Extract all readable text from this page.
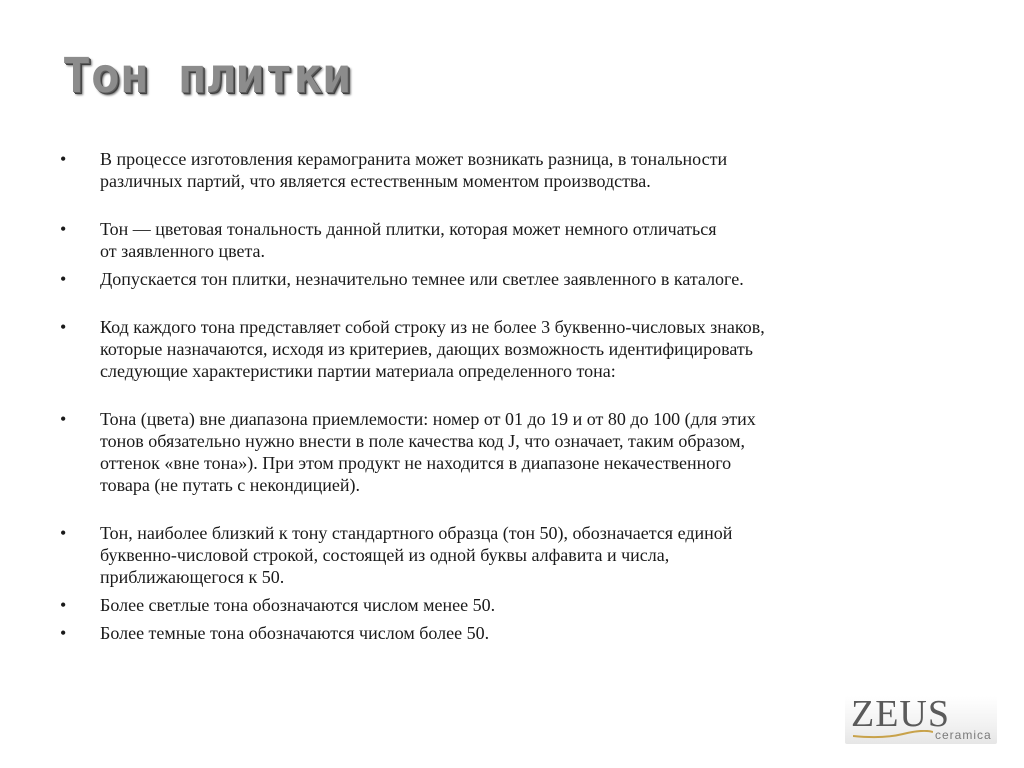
Тон плитки
• В процессе изготовления керамогранита может возникать разница, в тональности
различных партий, что является естественным моментом производства.
• Тон — цветовая тональность данной плитки, которая может немного отличаться
от заявленного цвета.
• Допускается тон плитки, незначительно темнее или светлее заявленного в каталоге.
• Код каждого тона представляет собой строку из не более 3 буквенно-числовых знаков,
которые назначаются, исходя из критериев, дающих возможность идентифицировать
следующие характеристики партии материала определенного тона:
• Тона (цвета) вне диапазона приемлемости: номер от 01 до 19 и от 80 до 100 (для этих
тонов обязательно нужно внести в поле качества код J, что означает, таким образом,
оттенок «вне тона»). При этом продукт не находится в диапазоне некачественного
товара (не путать с некондицией).
• Тон, наиболее близкий к тону стандартного образца (тон 50), обозначается единой
буквенно-числовой строкой, состоящей из одной буквы алфавита и числа,
приближающегося к 50.
• Более светлые тона обозначаются числом менее 50.
• Более темные тона обозначаются числом более 50.
ZEUS
ceramica
